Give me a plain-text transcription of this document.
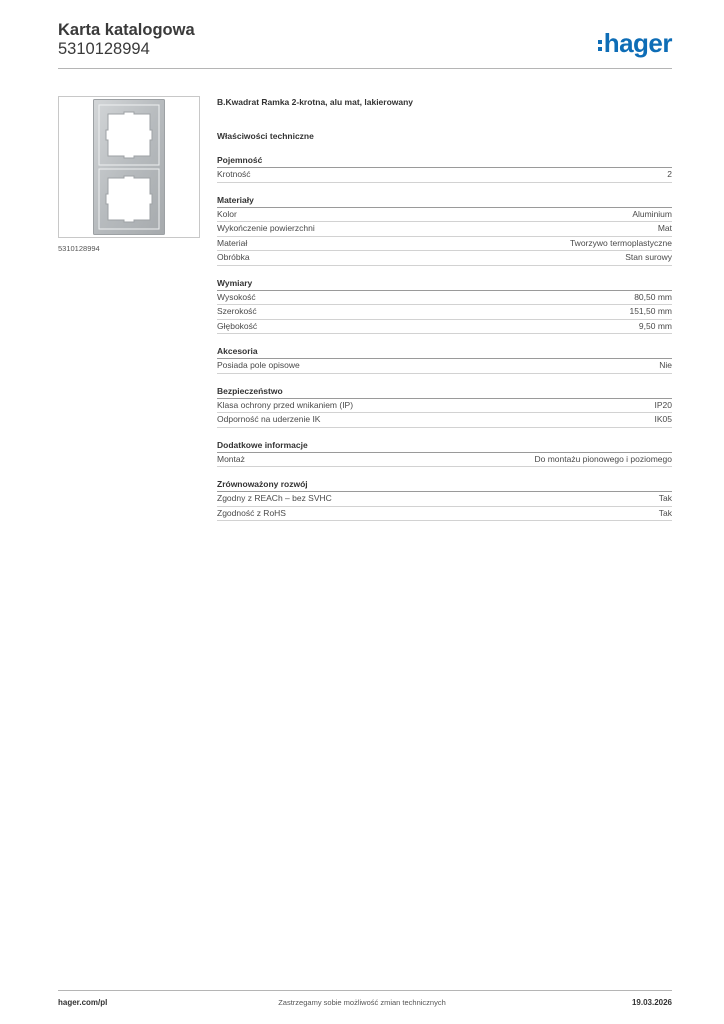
Karta katalogowa
5310128994	hager
5310128994
B.Kwadrat Ramka 2-krotna, alu mat, lakierowany
Właściwości techniczne
Pojemność
Krotność	2
Materiały
Kolor	Aluminium
Wykończenie powierzchni	Mat
Materiał	Tworzywo termoplastyczne
Obróbka	Stan surowy
Wymiary
Wysokość	80,50 mm
Szerokość	151,50 mm
Głębokość	9,50 mm
Akcesoria
Posiada pole opisowe	Nie
Bezpieczeństwo
Klasa ochrony przed wnikaniem (IP)	IP20
Odporność na uderzenie IK	IK05
Dodatkowe informacje
Montaż	Do montażu pionowego i poziomego
Zrównoważony rozwój
Zgodny z REACh – bez SVHC	Tak
Zgodność z RoHS	Tak
hager.com/pl	Zastrzegamy sobie możliwość zmian technicznych	19.03.2026
